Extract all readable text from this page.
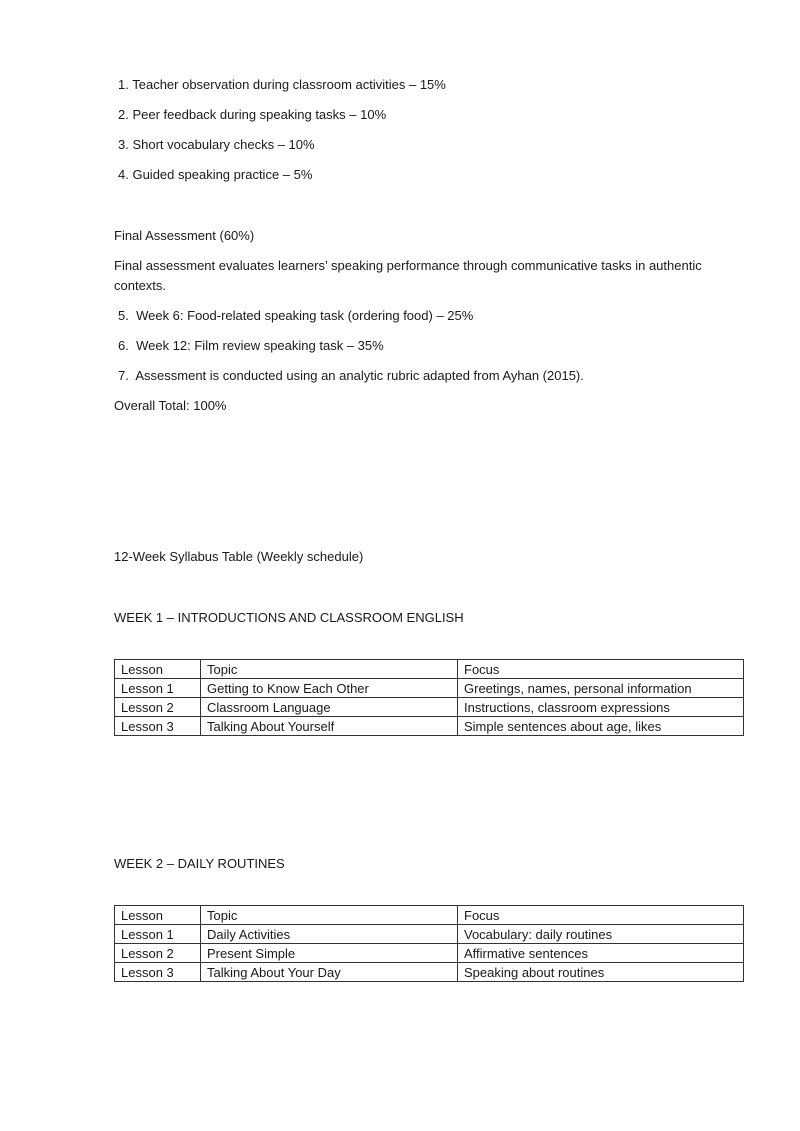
1. Teacher observation during classroom activities – 15%
2. Peer feedback during speaking tasks – 10%
3. Short vocabulary checks – 10%
4. Guided speaking practice – 5%
Final Assessment (60%)
Final assessment evaluates learners’ speaking performance through communicative tasks in authentic
contexts.
5. Week 6: Food-related speaking task (ordering food) – 25%
6. Week 12: Film review speaking task – 35%
7. Assessment is conducted using an analytic rubric adapted from Ayhan (2015).
Overall Total: 100%
12-Week Syllabus Table (Weekly schedule)
WEEK 1 – INTRODUCTIONS AND CLASSROOM ENGLISH
Lesson	Topic	Focus
Lesson 1	Getting to Know Each Other	Greetings, names, personal information
Lesson 2	Classroom Language	Instructions, classroom expressions
Lesson 3	Talking About Yourself	Simple sentences about age, likes
WEEK 2 – DAILY ROUTINES
Lesson	Topic	Focus
Lesson 1	Daily Activities	Vocabulary: daily routines
Lesson 2	Present Simple	Affirmative sentences
Lesson 3	Talking About Your Day	Speaking about routines
